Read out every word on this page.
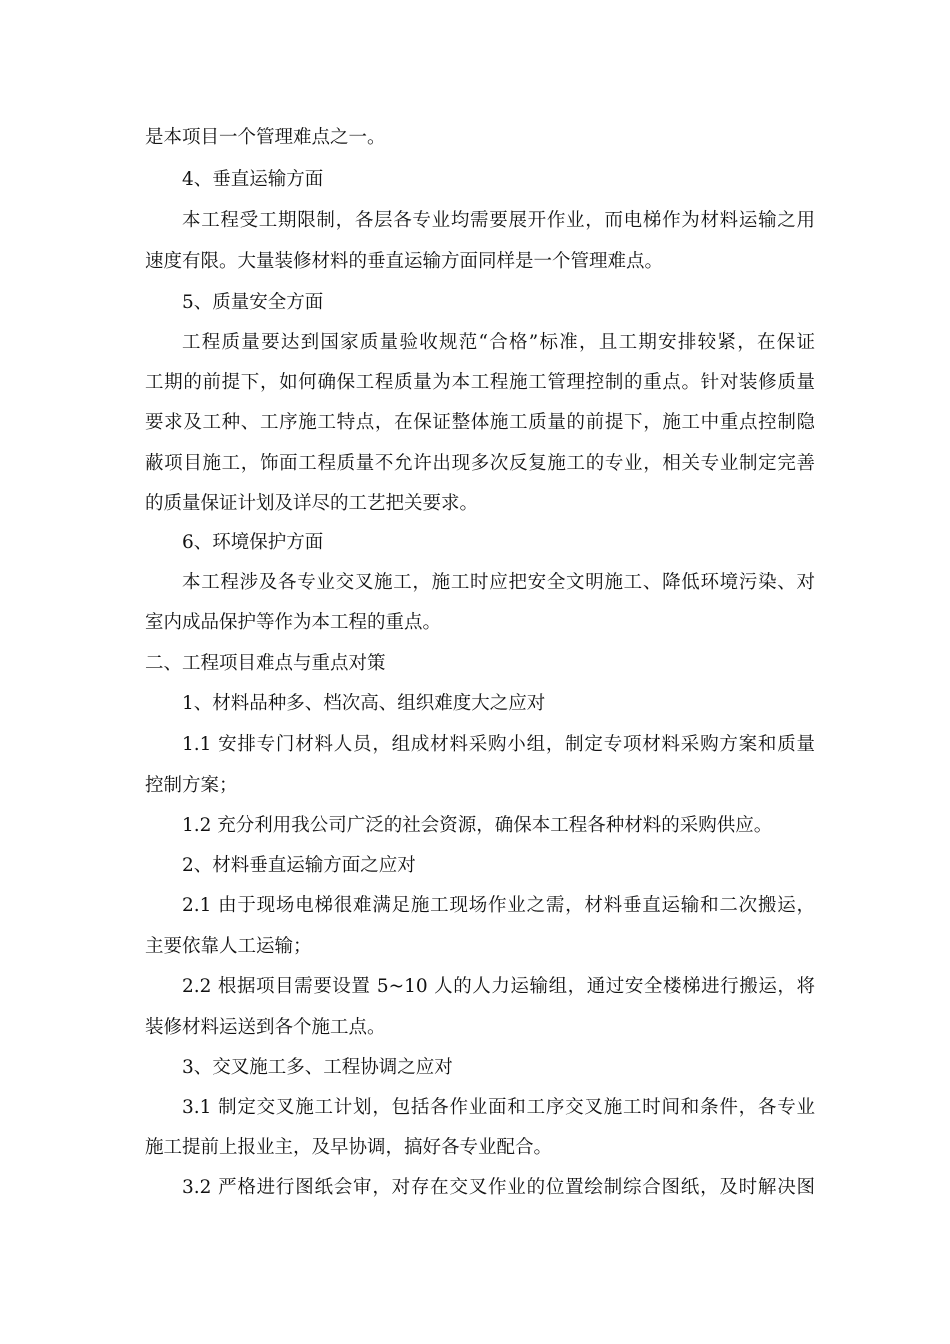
是本项目一个管理难点之一。
4、垂直运输方面
本工程受工期限制，各层各专业均需要展开作业，而电梯作为材料运输之用
速度有限。大量装修材料的垂直运输方面同样是一个管理难点。
5、质量安全方面
工程质量要达到国家质量验收规范“合格”标准，且工期安排较紧，在保证
工期的前提下，如何确保工程质量为本工程施工管理控制的重点。针对装修质量
要求及工种、工序施工特点，在保证整体施工质量的前提下，施工中重点控制隐
蔽项目施工，饰面工程质量不允许出现多次反复施工的专业，相关专业制定完善
的质量保证计划及详尽的工艺把关要求。
6、环境保护方面
本工程涉及各专业交叉施工，施工时应把安全文明施工、降低环境污染、对
室内成品保护等作为本工程的重点。
二、工程项目难点与重点对策
1、材料品种多、档次高、组织难度大之应对
1.1 安排专门材料人员，组成材料采购小组，制定专项材料采购方案和质量
控制方案；
1.2 充分利用我公司广泛的社会资源，确保本工程各种材料的采购供应。
2、材料垂直运输方面之应对
2.1 由于现场电梯很难满足施工现场作业之需，材料垂直运输和二次搬运，
主要依靠人工运输；
2.2 根据项目需要设置 5~10 人的人力运输组，通过安全楼梯进行搬运，将
装修材料运送到各个施工点。
3、交叉施工多、工程协调之应对
3.1 制定交叉施工计划，包括各作业面和工序交叉施工时间和条件，各专业
施工提前上报业主，及早协调，搞好各专业配合。
3.2 严格进行图纸会审，对存在交叉作业的位置绘制综合图纸，及时解决图
